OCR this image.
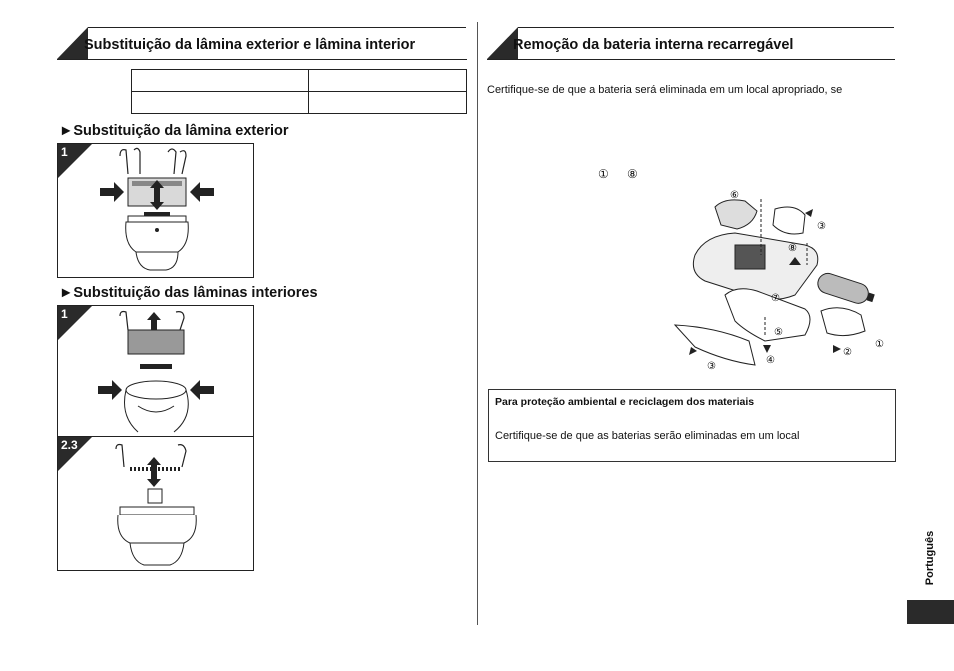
Substituição da lâmina exterior e lâmina interior

►Substituição da lâmina exterior
1
►Substituição das lâminas interiores
1
2.3
Remoção da bateria interna recarregável
Certifique-se de que a bateria será eliminada em um local apropriado, se
① ⑧
⑥
③
⑧
⑦
⑤
④
③
②
①
Para proteção ambiental e reciclagem dos materiais
Certifique-se de que as baterias serão eliminadas em um local
Português
